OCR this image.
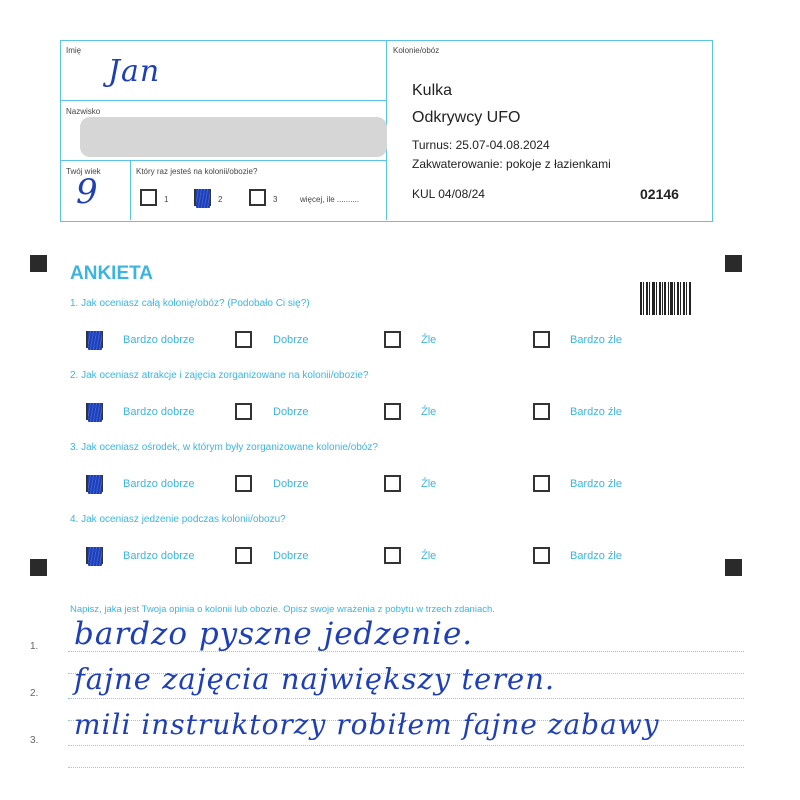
Imię
Jan
Nazwisko
Twój wiek
9
Który raz jesteś na kolonii/obozie?
1	2	3	więcej, ile ..........
Kolonie/obóz
Kulka
Odkrywcy UFO
Turnus: 25.07-04.08.2024
Zakwaterowanie: pokoje z łazienkami
KUL 04/08/24	02146
ANKIETA
1. Jak oceniasz całą kolonię/obóz? (Podobało Ci się?)
Bardzo dobrze	Dobrze	Źle	Bardzo źle
2. Jak oceniasz atrakcje i zajęcia zorganizowane na kolonii/obozie?
Bardzo dobrze	Dobrze	Źle	Bardzo źle
3. Jak oceniasz ośrodek, w którym były zorganizowane kolonie/obóz?
Bardzo dobrze	Dobrze	Źle	Bardzo źle
4. Jak oceniasz jedzenie podczas kolonii/obozu?
Bardzo dobrze	Dobrze	Źle	Bardzo źle
Napisz, jaka jest Twoja opinia o kolonii lub obozie. Opisz swoje wrażenia z pobytu w trzech zdaniach.
1.
2.
3.
bardzo pyszne jedzenie.
fajne zajęcia największy teren.
mili instruktorzy robiłem fajne zabawy
